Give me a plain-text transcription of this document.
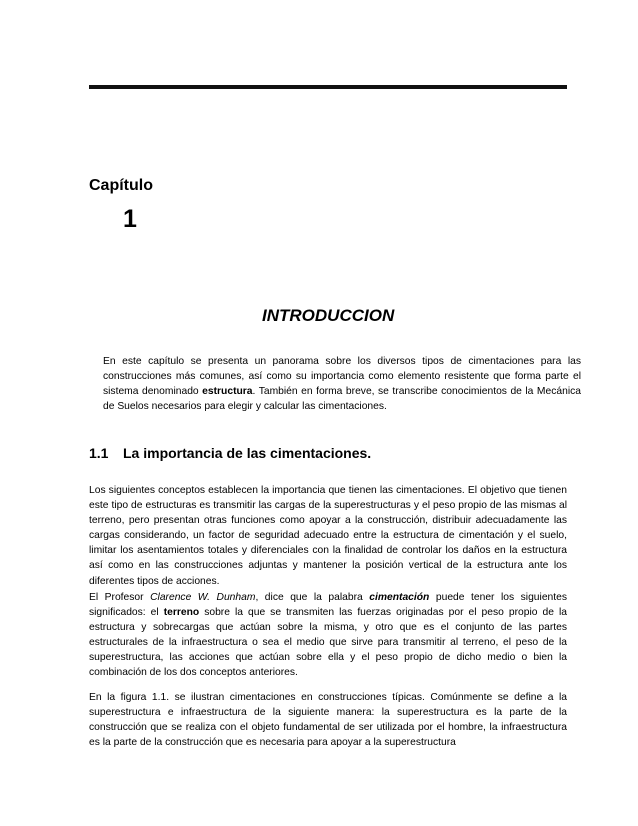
Capítulo
1
INTRODUCCION

En este capítulo se presenta un panorama sobre los diversos tipos de cimentaciones para las construcciones más comunes, así como su importancia como elemento resistente que forma parte el sistema denominado estructura. También en forma breve, se transcribe conocimientos de la Mecánica de Suelos necesarios para elegir y calcular las cimentaciones.

1.1 La importancia de las cimentaciones.

Los siguientes conceptos establecen la importancia que tienen las cimentaciones. El objetivo que tienen este tipo de estructuras es transmitir las cargas de la superestructuras y el peso propio de las mismas al terreno, pero presentan otras funciones como apoyar a la construcción, distribuir adecuadamente las cargas considerando, un factor de seguridad adecuado entre la estructura de cimentación y el suelo, limitar los asentamientos totales y diferenciales con la finalidad de controlar los daños en la estructura así como en las construcciones adjuntas y mantener la posición vertical de la estructura ante los diferentes tipos de acciones.

El Profesor Clarence W. Dunham, dice que la palabra cimentación puede tener los siguientes significados: el terreno sobre la que se transmiten las fuerzas originadas por el peso propio de la estructura y sobrecargas que actúan sobre la misma, y otro que es el conjunto de las partes estructurales de la infraestructura o sea el medio que sirve para transmitir al terreno, el peso de la superestructura, las acciones que actúan sobre ella y el peso propio de dicho medio o bien la combinación de los dos conceptos anteriores.

En la figura 1.1. se ilustran cimentaciones en construcciones típicas. Comúnmente se define a la superestructura e infraestructura de la siguiente manera: la superestructura es la parte de la construcción que se realiza con el objeto fundamental de ser utilizada por el hombre, la infraestructura es la parte de la construcción que es necesaria para apoyar a la superestructura
